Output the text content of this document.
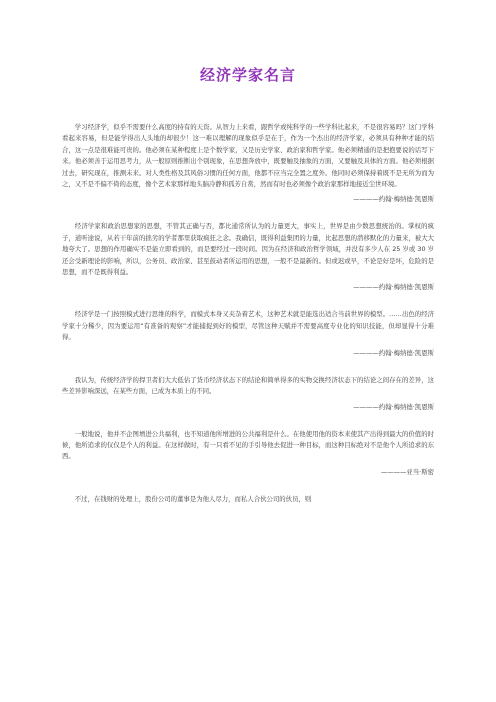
经济学家名言

学习经济学，似乎不需要什么高度的持有的天资。从智力上来看，跟哲学或纯科学的一些学科比起来，不是很容易吗？这门学科看起来容易，但是能学得出人头地的却很少！这一难以理解的现象似乎是在于，作为一个杰出的经济学家，必须具有种种才能的结合，这一点是很难能可贵的。他必须在某种程度上是个数学家，又是历史学家、政治家和哲学家。他必须精通的是把抱要说的话写下来。他必须善于运用思考力，从一般原则推断出个别现象，在思想奔放中，既要触及抽象的方面，又要触及具体的方面。他必须根据过去，研究现在，推测未来。对人类性格及其风俗习惯的任何方面，他都不应当完全置之度外。他同时必须保持着既不是无所为而为之，又不是不偏不倚的态度，像个艺术家那样地头脑冷静和孤芳自赏，然而有时也必须像个政治家那样地接近尘世环境。

————约翰·梅纳德·凯恩斯

经济学家和政治思想家的思想，不管其正确与否，都比通常所认为的力量更大，事实上，世界是由少数思想统治的。掌权的疯子，道听途说，从若干年前的拙劣的学者那里获取疯狂之念。我确信，既得利益集团的力量，比起思想的潜移默化的力量来，被大大地夸大了。思想的作用确实不是能立即看到的，而是要经过一段时间。因为在经济和政治哲学领域，并没有多少人在 25 岁或 30 岁还会受新理论的影响，所以，公务员、政治家、甚至鼓动者所运用的思想，一般不是最新的。但或迟或早，不论是好是坏，危险的是思想，而不是既得利益。

————约翰·梅纳德·凯恩斯

经济学是一门按照模式进行思维的科学，而模式本身又夹杂着艺术，这种艺术就是能选出适合当前世界的模型。……出色的经济学家十分稀少，因为要运用“有准备的观察”才能捕捉到好的模型，尽管这种天赋并不需要高度专业化的知识技能，但却显得十分难得。

————约翰·梅纳德·凯恩斯

我认为，传统经济学的捍卫者们大大低估了货币经济状态下的结论和简单得多的实物交换经济状态下的结论之间存在的差异，这些差异影响深远，在某些方面，已成为本质上的不同。

————约翰·梅纳德·凯恩斯

一般地说，他并不企图增进公共福利，也不知道他所增进的公共福利是什么。在他使用他的资本来使其产出得到最大的价值的时候，他所追求的仅仅是个人的利益。在这样做时，有一只看不见的手引导他去促进一种目标，而这种目标绝对不是他个人所追求的东西。

————亚当·斯密

不过，在钱财的处理上，股份公司的董事是为他人尽力，而私人合伙公司的伙员，则
